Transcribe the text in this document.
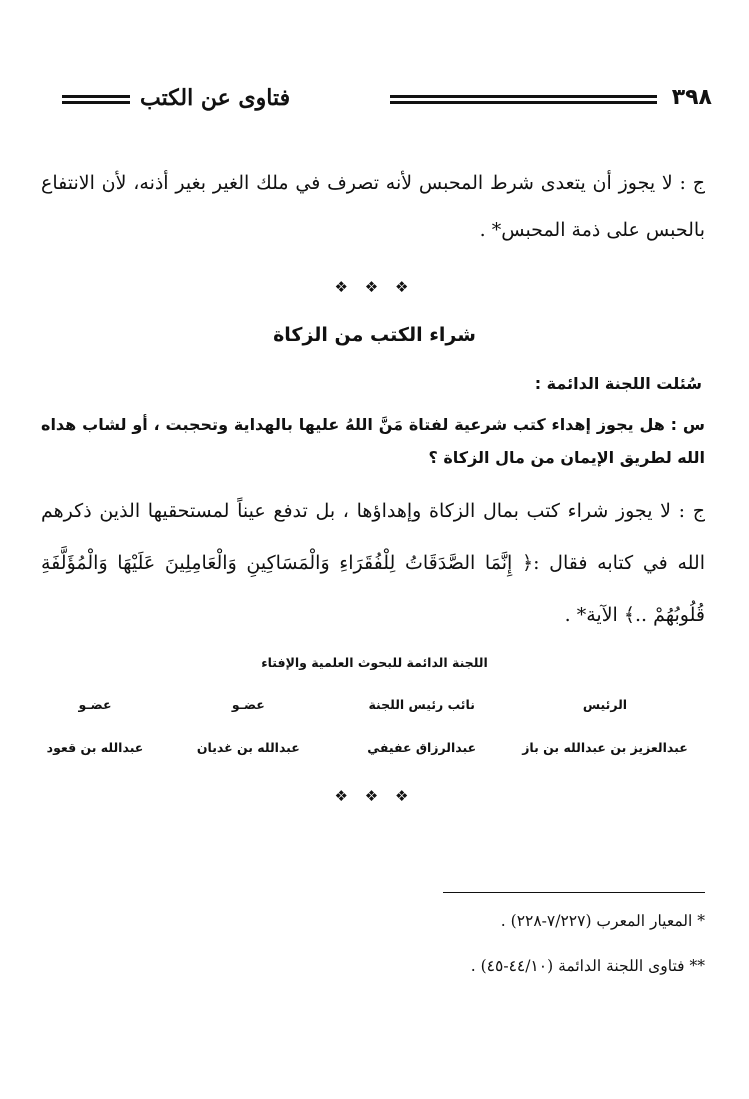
٣٩٨
فتاوى عن الكتب
ج : لا يجوز أن يتعدى شرط المحبس لأنه تصرف في ملك الغير بغير أذنه، لأن الانتفاع بالحبس على ذمة المحبس* .
❖ ❖ ❖
شراء الكتب من الزكاة
سُئلت اللجنة الدائمة :
س : هل يجوز إهداء كتب شرعية لفتاة مَنَّ اللهُ عليها بالهداية وتحجبت ، أو لشاب هداه الله لطريق الإيمان من مال الزكاة ؟
ج : لا يجوز شراء كتب بمال الزكاة وإهداؤها ، بل تدفع عيناً لمستحقيها الذين ذكرهم الله في كتابه فقال :﴿ إِنَّمَا الصَّدَقَاتُ لِلْفُقَرَاءِ وَالْمَسَاكِينِ وَالْعَامِلِينَ عَلَيْهَا وَالْمُؤَلَّفَةِ قُلُوبُهُمْ ..﴾ الآية* .
اللجنة الدائمة للبحوث العلمية والإفتاء
الرئيس
نائب رئيس اللجنة
عضـو
عضـو
عبدالعزيز بن عبدالله بن باز
عبدالرزاق عفيفي
عبدالله بن غديان
عبدالله بن قعود
❖ ❖ ❖
* المعيار المعرب (٧/٢٢٧-٢٢٨) .
** فتاوى اللجنة الدائمة (٤٤/١٠-٤٥) .
